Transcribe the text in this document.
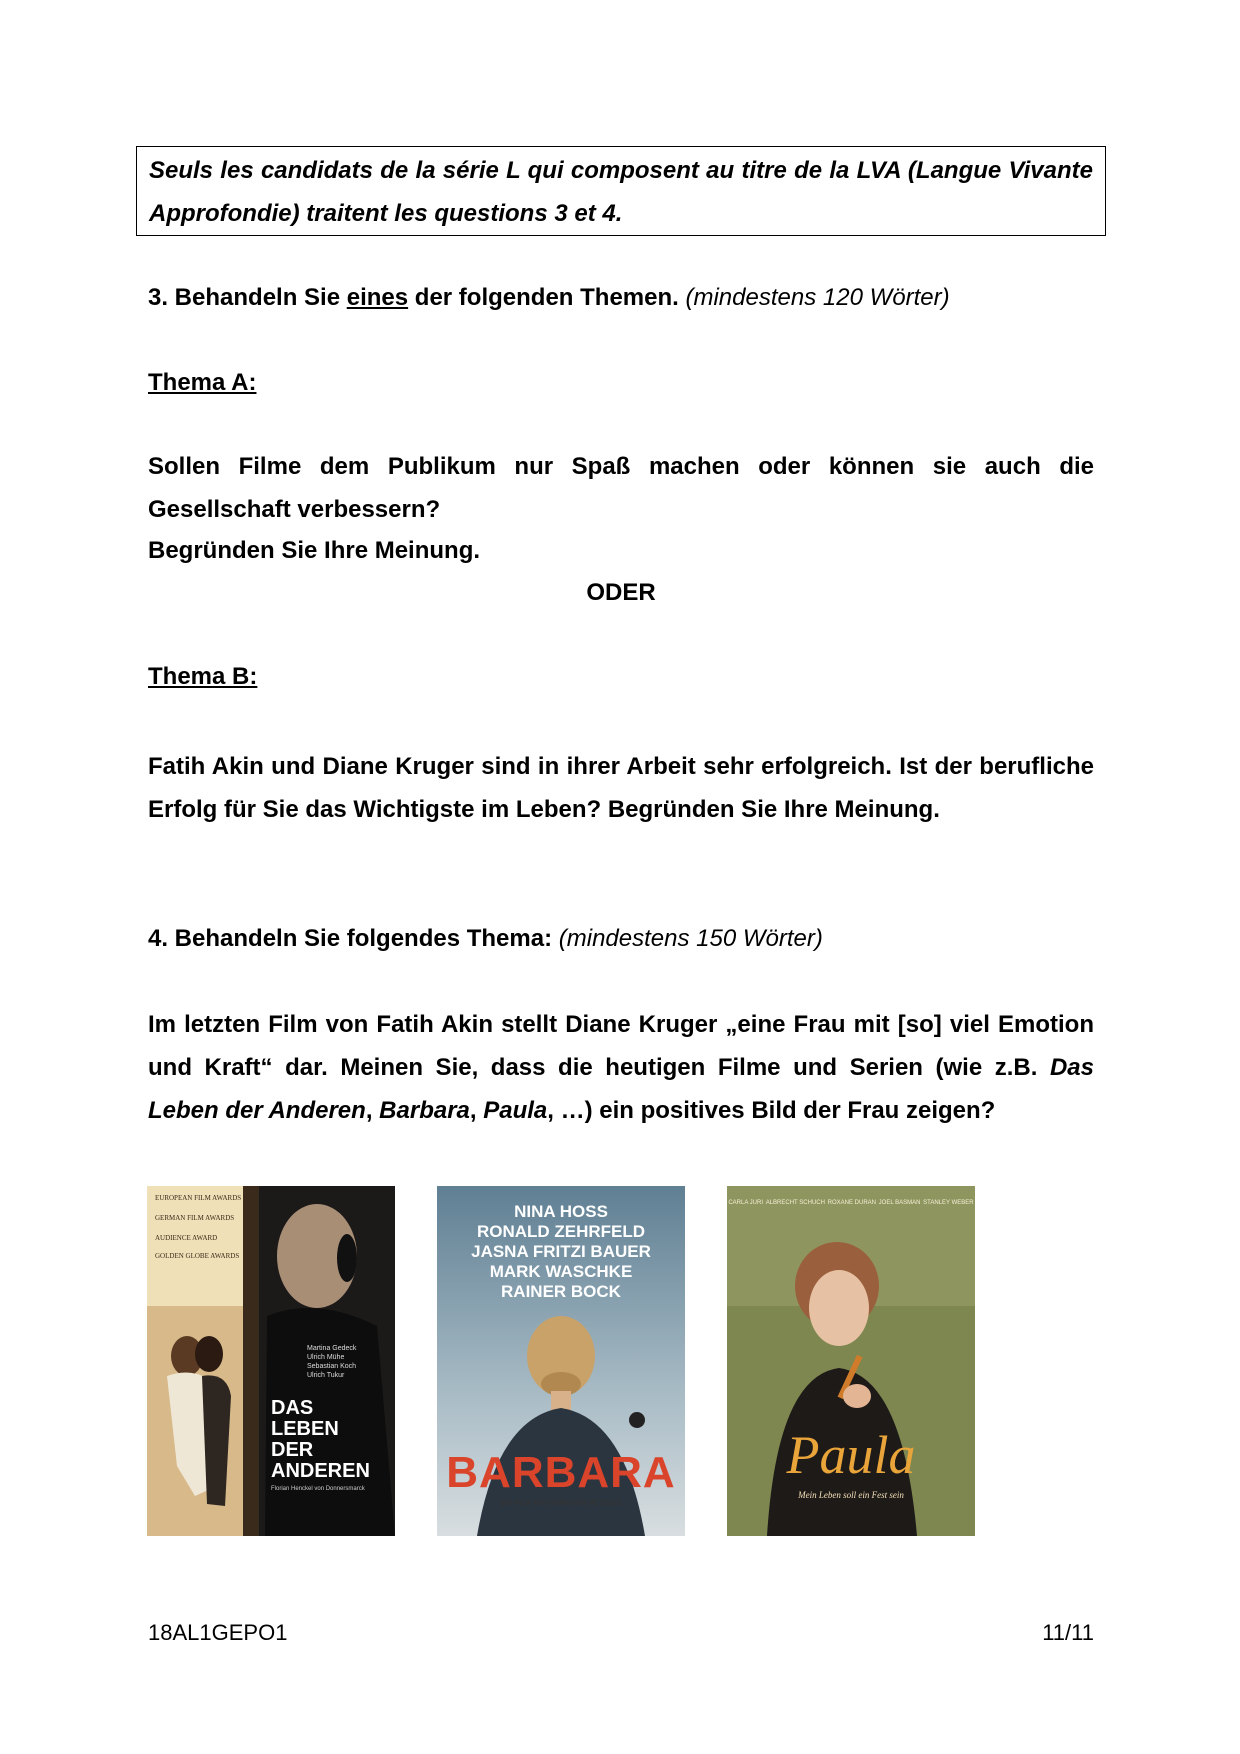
Seuls les candidats de la série L qui composent au titre de la LVA (Langue Vivante Approfondie) traitent les questions 3 et 4.

3. Behandeln Sie eines der folgenden Themen. (mindestens 120 Wörter)

Thema A:

Sollen Filme dem Publikum nur Spaß machen oder können sie auch die Gesellschaft verbessern?

Begründen Sie Ihre Meinung.

ODER

Thema B:

Fatih Akin und Diane Kruger sind in ihrer Arbeit sehr erfolgreich. Ist der berufliche Erfolg für Sie das Wichtigste im Leben? Begründen Sie Ihre Meinung.

4. Behandeln Sie folgendes Thema: (mindestens 150 Wörter)

Im letzten Film von Fatih Akin stellt Diane Kruger „eine Frau mit [so] viel Emotion und Kraft“ dar. Meinen Sie, dass die heutigen Filme und Serien (wie z.B. Das Leben der Anderen, Barbara, Paula, …) ein positives Bild der Frau zeigen?

EUROPEAN FILM AWARDS
GERMAN FILM AWARDS
AUDIENCE AWARD
GOLDEN GLOBE AWARDS
Martina Gedeck
Ulrich Mühe
Sebastian Koch
Ulrich Tukur
DAS
LEBEN
DER
ANDEREN
Florian Henckel von Donnersmarck
NINA HOSS
RONALD ZEHRFELD
JASNA FRITZI BAUER
MARK WASCHKE
RAINER BOCK
BARBARA
EIN FILM VON CHRISTIAN PETZOLD
CARLA JURI ALBRECHT SCHUCH ROXANE DURAN JOEL BASMAN STANLEY WEBER
Paula
Mein Leben soll ein Fest sein
18AL1GEPO1	11/11
